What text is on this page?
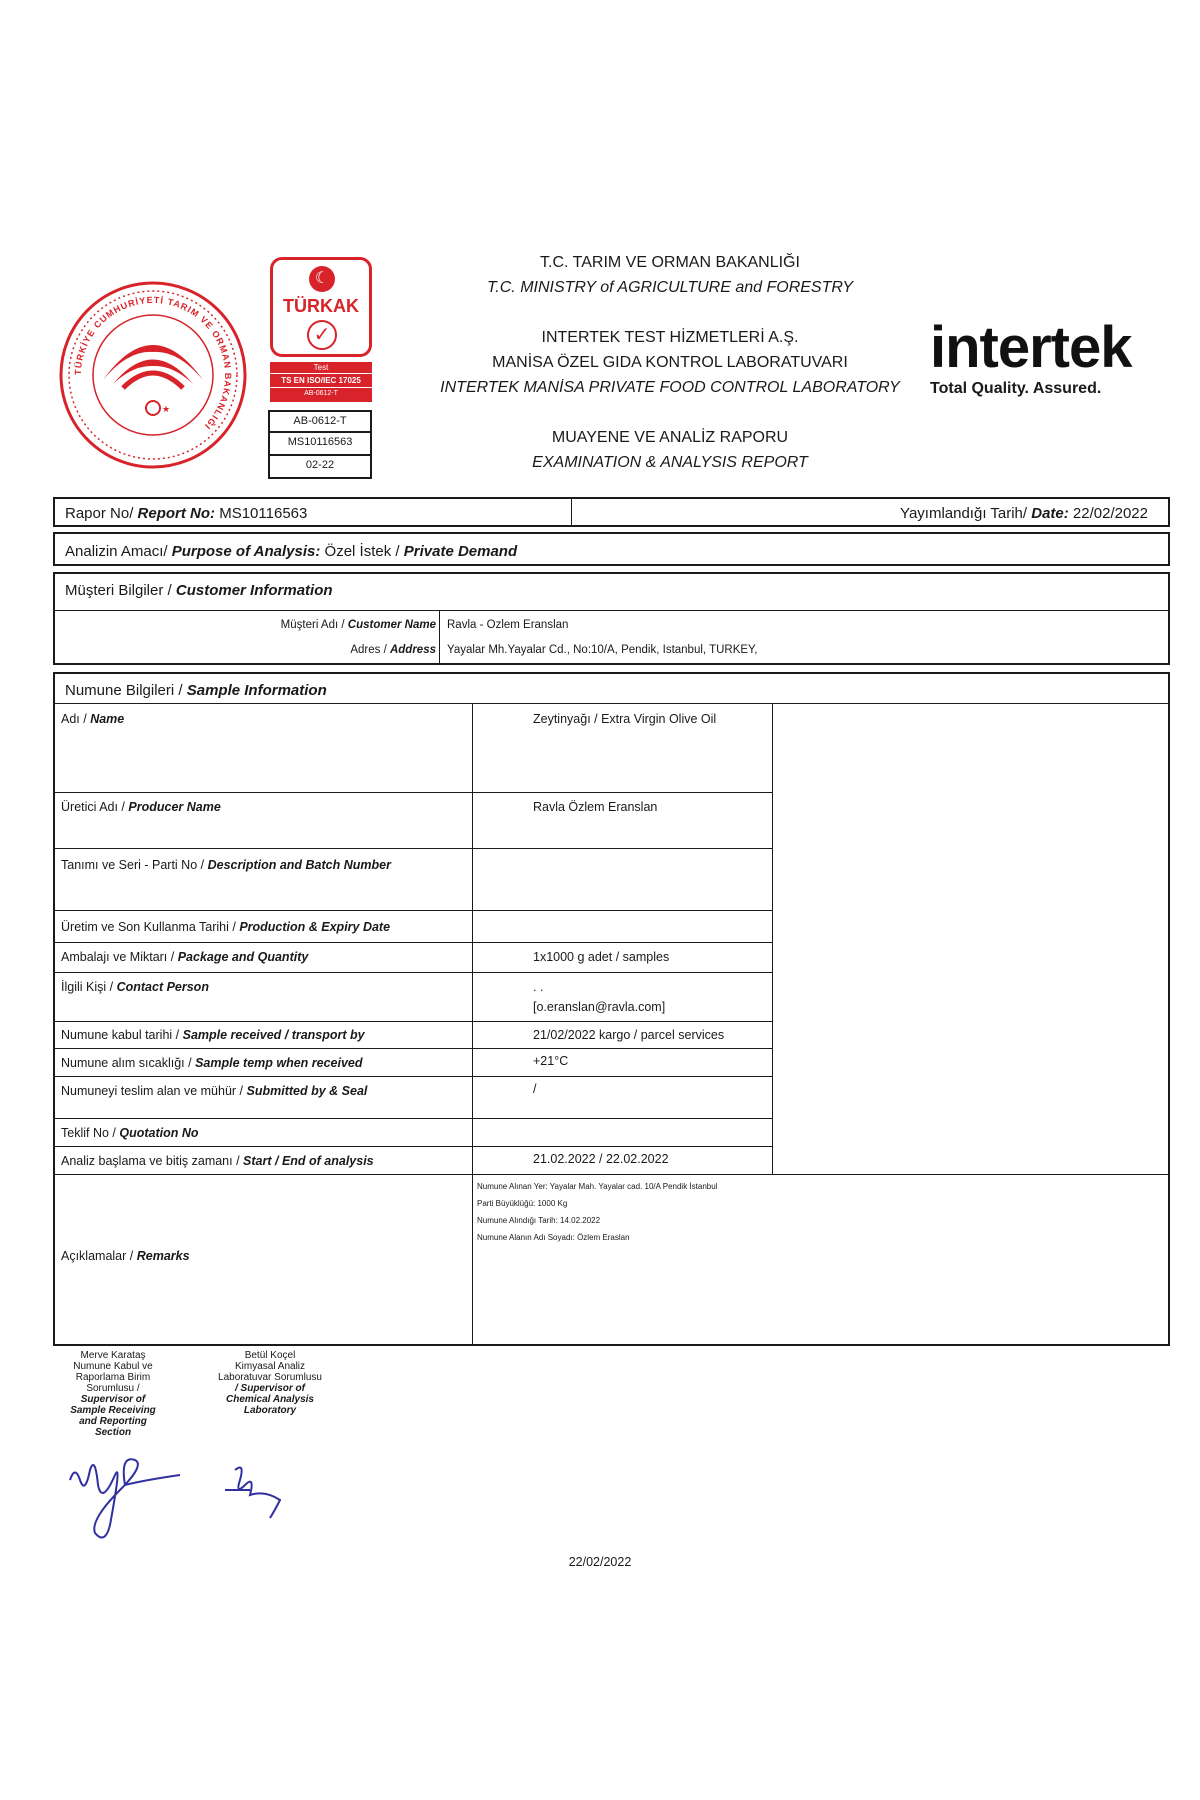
TÜRKİYE CUMHURİYETİ TARIM VE ORMAN BAKANLIĞI
★
☾
TÜRKAK
✓
Test
TS EN ISO/IEC 17025
AB-0612-T
AB-0612-T
MS10116563
02-22
T.C. TARIM VE ORMAN BAKANLIĞI
T.C. MINISTRY of AGRICULTURE and FORESTRY
INTERTEK TEST HİZMETLERİ A.Ş.
MANİSA ÖZEL GIDA KONTROL LABORATUVARI
INTERTEK MANİSA PRIVATE FOOD CONTROL LABORATORY
MUAYENE VE ANALİZ RAPORU
EXAMINATION & ANALYSIS REPORT
intertek
Total Quality. Assured.
Rapor No/ Report No: MS10116563	Yayımlandığı Tarih/ Date: 22/02/2022
Analizin Amacı/ Purpose of Analysis: Özel İstek / Private Demand
Müşteri Bilgiler / Customer Information
Müşteri Adı / Customer Name Ravla - Ozlem Eranslan
Adres / Address Yayalar Mh.Yayalar Cd., No:10/A, Pendik, Istanbul, TURKEY,
Numune Bilgileri / Sample Information
Adı / Name	Zeytinyağı / Extra Virgin Olive Oil
Üretici Adı / Producer Name	Ravla Özlem Eranslan
Tanımı ve Seri - Parti No / Description and Batch Number
Üretim ve Son Kullanma Tarihi / Production & Expiry Date
Ambalajı ve Miktarı / Package and Quantity	1x1000 g adet / samples
İlgili Kişi / Contact Person	. .
[o.eranslan@ravla.com]
Numune kabul tarihi / Sample received / transport by	21/02/2022 kargo / parcel services
Numune alım sıcaklığı / Sample temp when received	+21°C
Numuneyi teslim alan ve mühür / Submitted by & Seal	/
Teklif No / Quotation No
Analiz başlama ve bitiş zamanı / Start / End of analysis	21.02.2022 / 22.02.2022
Açıklamalar / Remarks
Numune Alınan Yer: Yayalar Mah. Yayalar cad. 10/A Pendik İstanbul
Parti Büyüklüğü: 1000 Kg
Numune Alındığı Tarih: 14.02.2022
Numune Alanın Adı Soyadı: Özlem Eraslan
Merve Karataş
Numune Kabul ve
Raporlama Birim
Sorumlusu /
Supervisor of
Sample Receiving
and Reporting
Section
Betül Koçel
Kimyasal Analiz
Laboratuvar Sorumlusu
/ Supervisor of
Chemical Analysis
Laboratory
22/02/2022
